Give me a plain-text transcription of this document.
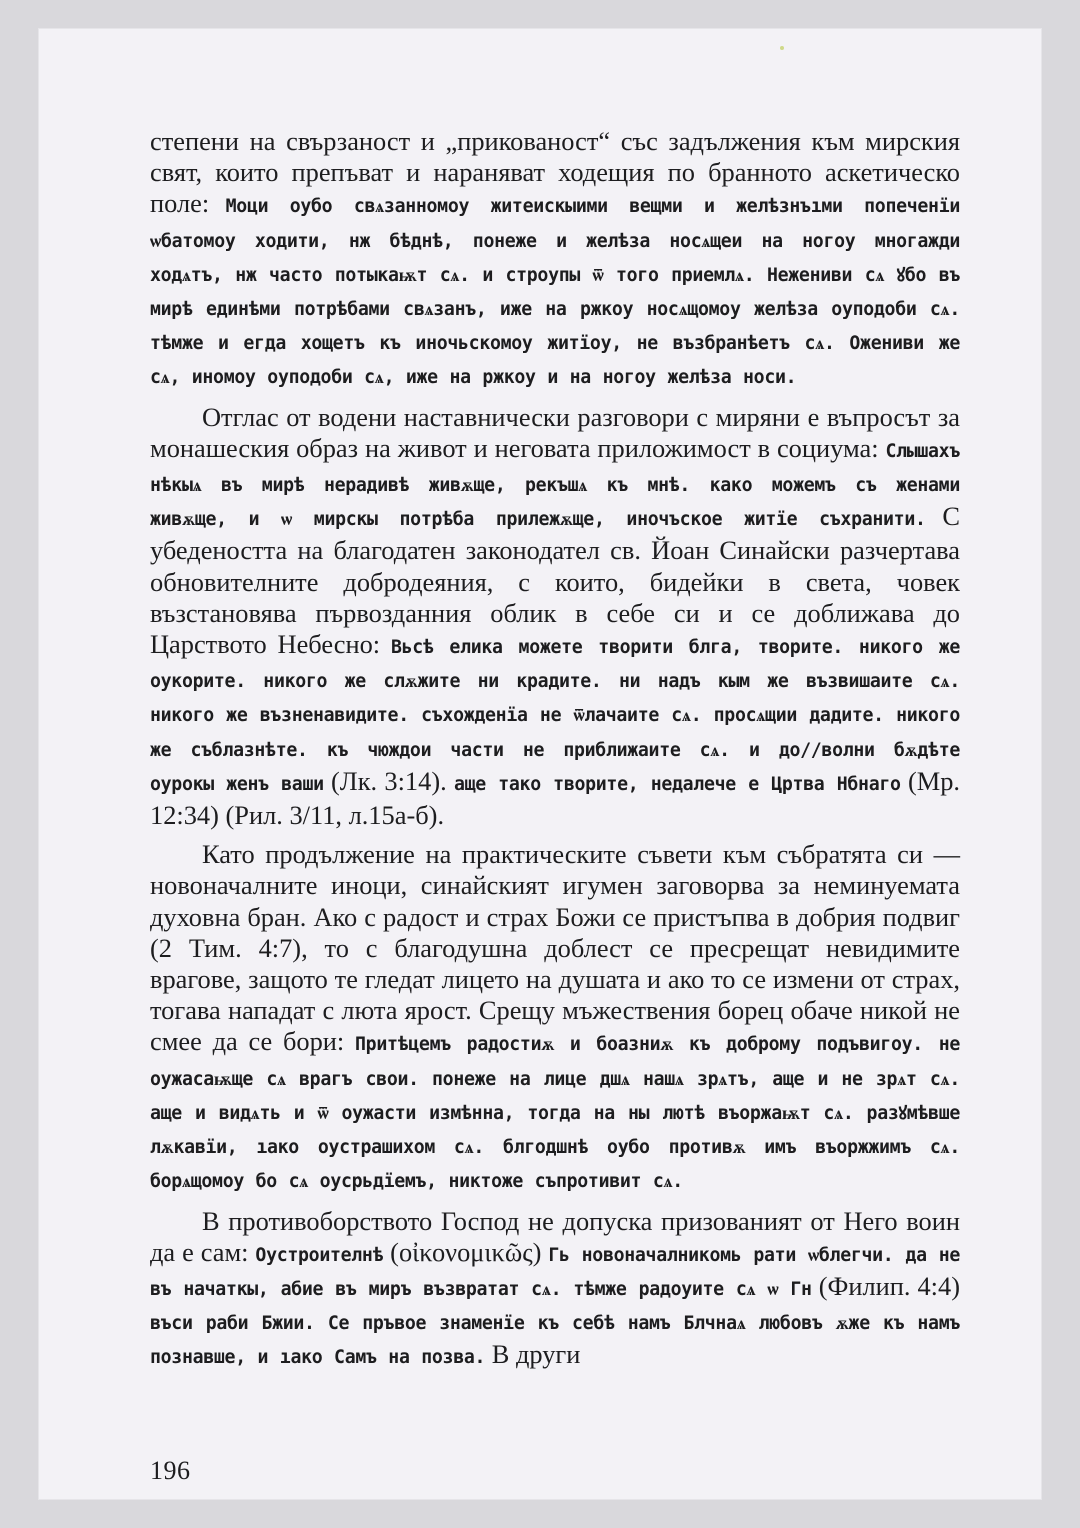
степени на свързаност и „прикованост“ със задължения към мирския свят, които препъват и нараняват ходещия по бранното аскетическо поле: Моци оубо свѧзанномоу житеискыими вещми и желѣзнъıми попеченїи ѡбатомоу ходити, нж бѣднѣ, понеже и желѣза носѧщеи на ногоу многажди ходѧтъ, нж часто потыкаѭт сѧ. и строупы ѿ того приемлѧ. Нежениви сѧ ꙋбо въ мирѣ единѣми потрѣбами свѧзанъ, иже на ржкоу носѧщомоу желѣза оуподоби сѧ. тѣмже и егда хощетъ къ иночьскомоу житїоу, не възбранѣетъ сѧ. Ожениви же сѧ, иномоу оуподоби сѧ, иже на ржкоу и на ногоу желѣза носи.

Отглас от водени наставнически разговори с миряни е въпросът за монашеския образ на живот и неговата приложимост в социума: Слышахъ нѣкыѧ въ мирѣ нерадивѣ живѫще, рекъшѧ къ мнѣ. како можемъ съ женами живѫще, и ѡ мирскы потрѣба прилежѫще, иночъское житїе съхранити. С убедеността на благодатен законодател св. Йоан Синайски разчертава обновителните добродеяния, с които, бидейки в света, човек възстановява първозданния облик в себе си и се доближава до Царството Небесно: Вьсѣ елика можете творити блга, творите. никого же оукорите. никого же слѫжите ни крадите. ни надъ кым же възвишаите сѧ. никого же възненавидите. съхожденїа не ѿлачаите сѧ. просѧщии дадите. никого же съблазнѣте. къ чюждои части не приближаите сѧ. и до//волни бѫдѣте оурокы женъ ваши (Лк. 3:14). аще тако творите, недалече е Цртва Нбнаго (Мр. 12:34) (Рил. 3/11, л.15а-б).

Като продължение на практическите съвети към събратята си — новоначалните иноци, синайският игумен заговорва за неминуемата духовна бран. Ако с радост и страх Божи се пристъпва в добрия подвиг (2 Тим. 4:7), то с благодушна доблест се пресрещат невидимите врагове, защото те гледат лицето на душата и ако то се измени от страх, тогава нападат с люта ярост. Срещу мъжествения борец обаче никой не смее да се бори: Притѣцемъ радостиѫ и боазниѫ къ доброму подъвигоу. не оужасаѭще сѧ врагъ свои. понеже на лице дшѧ нашѧ зрѧтъ, аще и не зрѧт сѧ. аще и видѧть и ѿ оужасти измѣнна, тогда на ны лютѣ въоржаѭт сѧ. разꙋмѣвше лѫкавїи, ıако оустрашихом сѧ. блгодшнѣ оубо противѫ имъ въоржжимъ сѧ. борѧщомоу бо сѧ оусрьдїемъ, никтоже съпротивит сѧ.

В противоборството Господ не допуска призованият от Него воин да е сам: Оустроителнѣ (οἰκονομικῶς) Гь новоначалникомь рати ѡблегчи. да не въ начаткы, абие въ миръ възвратат сѧ. тѣмже радоуите сѧ ѡ Гн (Филип. 4:4) въси раби Бжии. Се пръвое знаменїе къ себѣ намъ Блчнаѧ любовъ ѫже къ намъ познавше, и ıако Самъ на позва. В други

196
